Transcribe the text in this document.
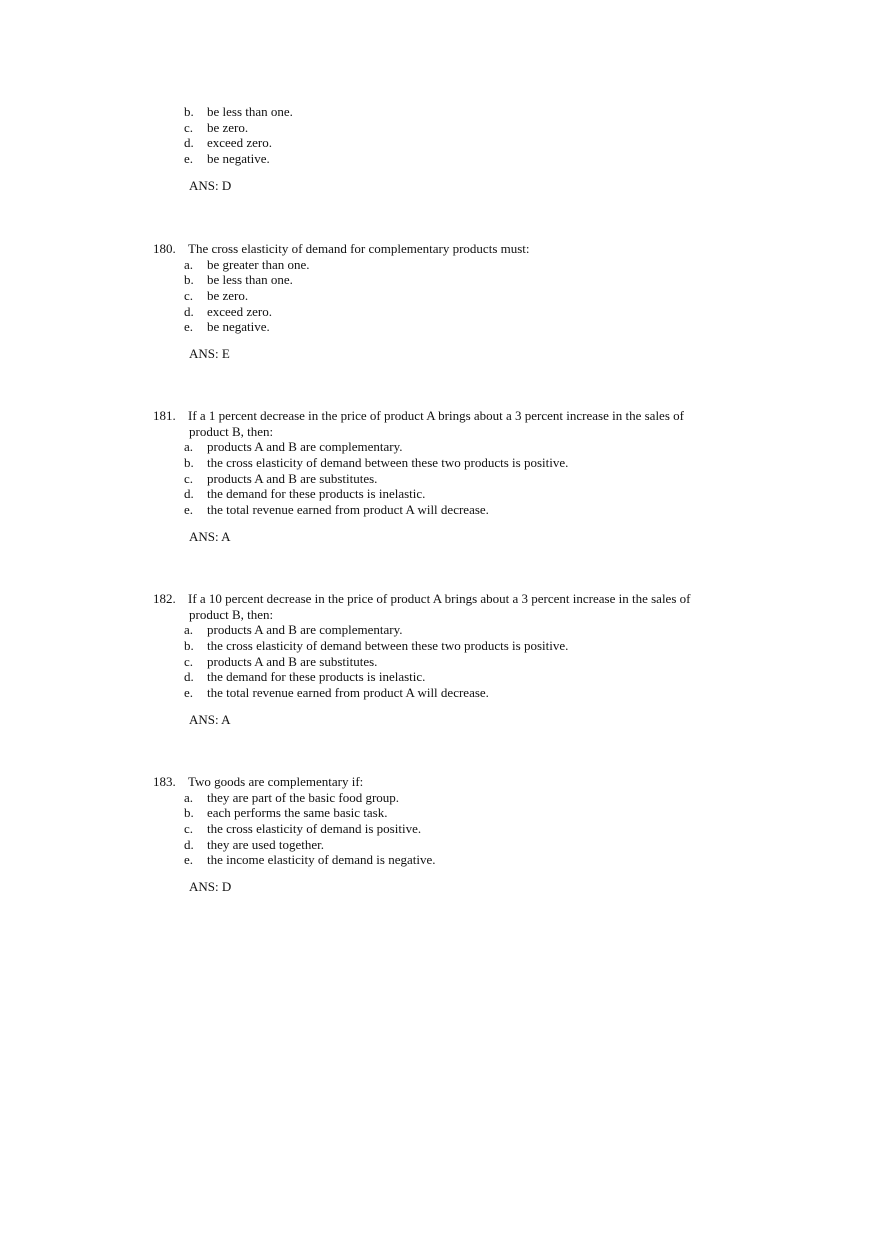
b. be less than one.
c. be zero.
d. exceed zero.
e. be negative.
ANS: D
180. The cross elasticity of demand for complementary products must:
a. be greater than one.
b. be less than one.
c. be zero.
d. exceed zero.
e. be negative.
ANS: E
181. If a 1 percent decrease in the price of product A brings about a 3 percent increase in the sales of
product B, then:
a. products A and B are complementary.
b. the cross elasticity of demand between these two products is positive.
c. products A and B are substitutes.
d. the demand for these products is inelastic.
e. the total revenue earned from product A will decrease.
ANS: A
182. If a 10 percent decrease in the price of product A brings about a 3 percent increase in the sales of
product B, then:
a. products A and B are complementary.
b. the cross elasticity of demand between these two products is positive.
c. products A and B are substitutes.
d. the demand for these products is inelastic.
e. the total revenue earned from product A will decrease.
ANS: A
183. Two goods are complementary if:
a. they are part of the basic food group.
b. each performs the same basic task.
c. the cross elasticity of demand is positive.
d. they are used together.
e. the income elasticity of demand is negative.
ANS: D
